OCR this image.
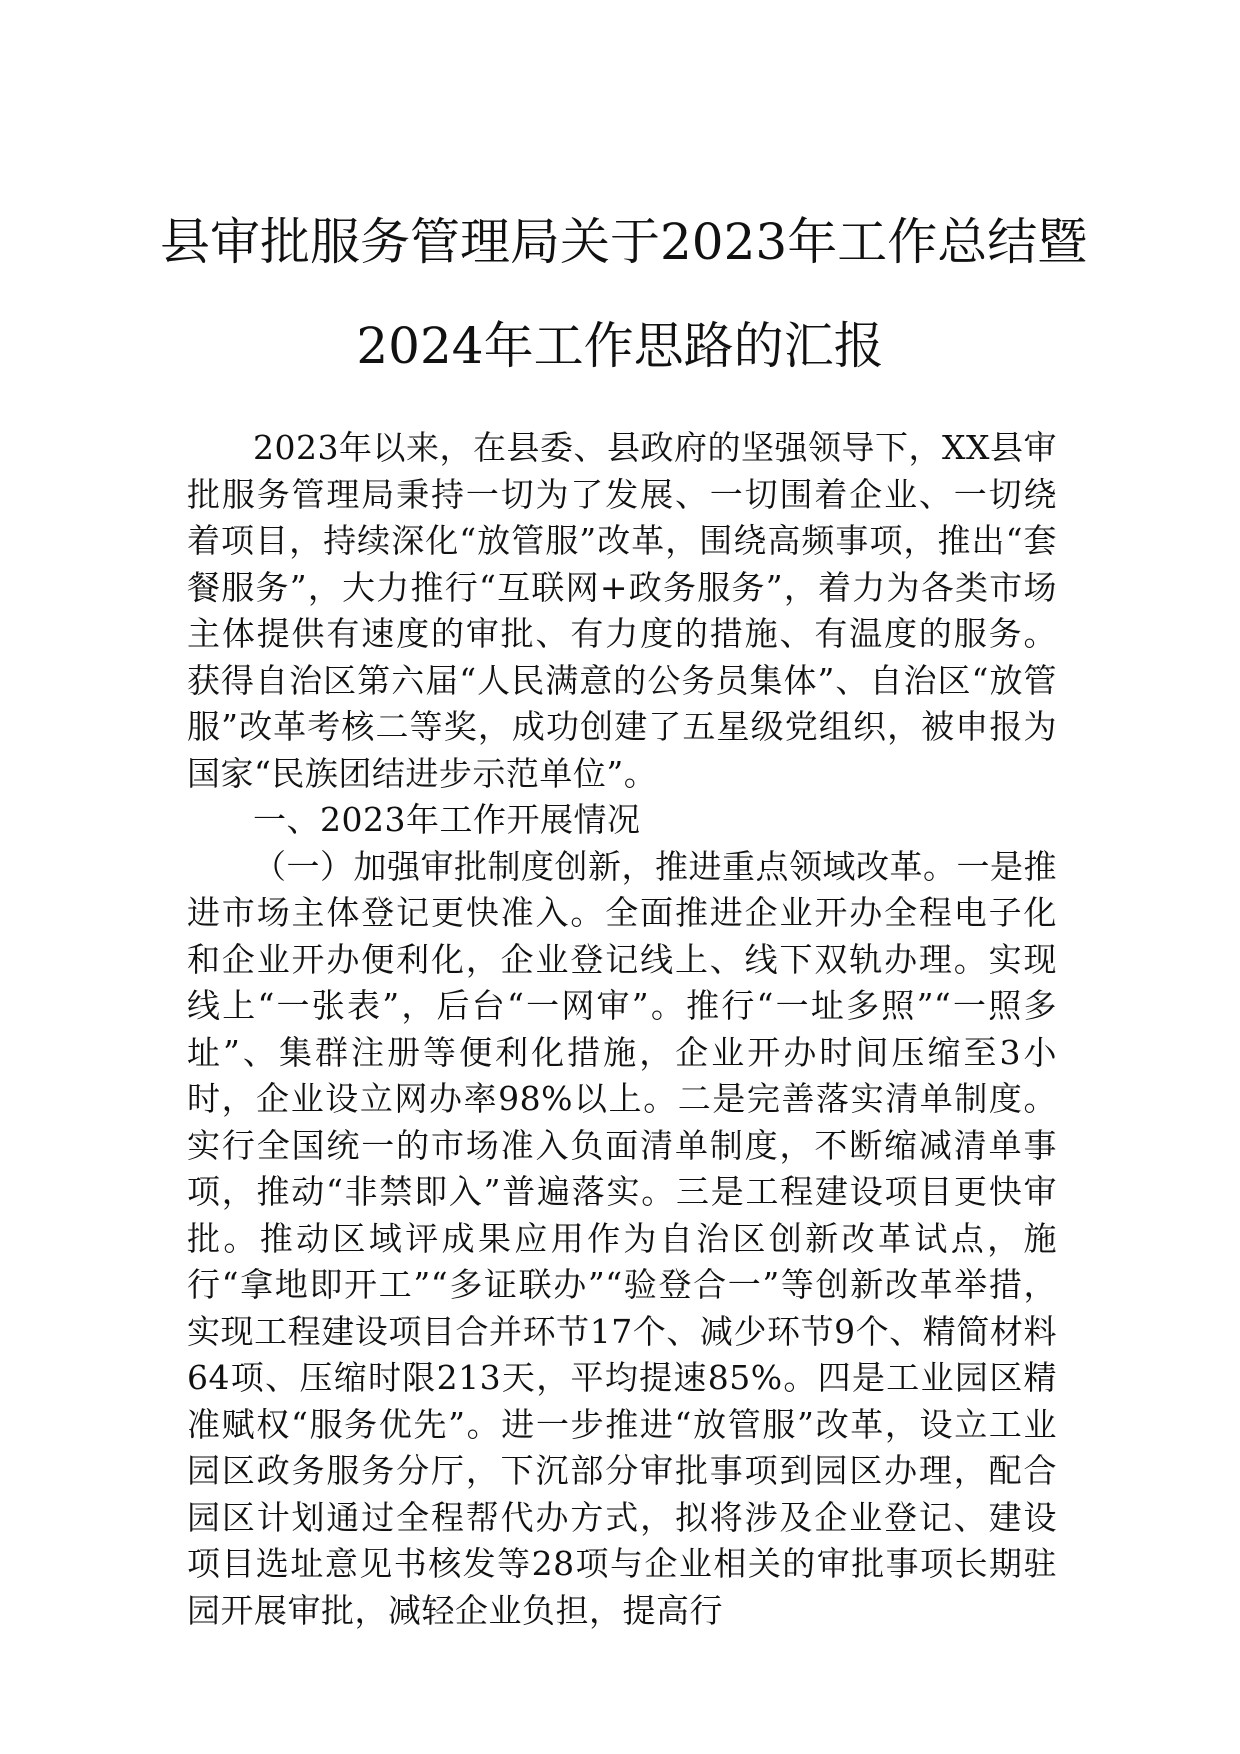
县审批服务管理局关于2023年工作总结暨
2024年工作思路的汇报

2023年以来，在县委、县政府的坚强领导下，XX县审批服务管理局秉持一切为了发展、一切围着企业、一切绕着项目，持续深化“放管服”改革，围绕高频事项，推出“套餐服务”，大力推行“互联网+政务服务”，着力为各类市场主体提供有速度的审批、有力度的措施、有温度的服务。获得自治区第六届“人民满意的公务员集体”、自治区“放管服”改革考核二等奖，成功创建了五星级党组织，被申报为国家“民族团结进步示范单位”。

一、2023年工作开展情况

（一）加强审批制度创新，推进重点领域改革。一是推进市场主体登记更快准入。全面推进企业开办全程电子化和企业开办便利化，企业登记线上、线下双轨办理。实现线上“一张表”，后台“一网审”。推行“一址多照”“一照多址”、集群注册等便利化措施，企业开办时间压缩至3小时，企业设立网办率98%以上。二是完善落实清单制度。实行全国统一的市场准入负面清单制度，不断缩减清单事项，推动“非禁即入”普遍落实。三是工程建设项目更快审批。推动区域评成果应用作为自治区创新改革试点，施行“拿地即开工”“多证联办”“验登合一”等创新改革举措，实现工程建设项目合并环节17个、减少环节9个、精简材料64项、压缩时限213天，平均提速85%。四是工业园区精准赋权“服务优先”。进一步推进“放管服”改革，设立工业园区政务服务分厅，下沉部分审批事项到园区办理，配合园区计划通过全程帮代办方式，拟将涉及企业登记、建设项目选址意见书核发等28项与企业相关的审批事项长期驻园开展审批，减轻企业负担，提高行
